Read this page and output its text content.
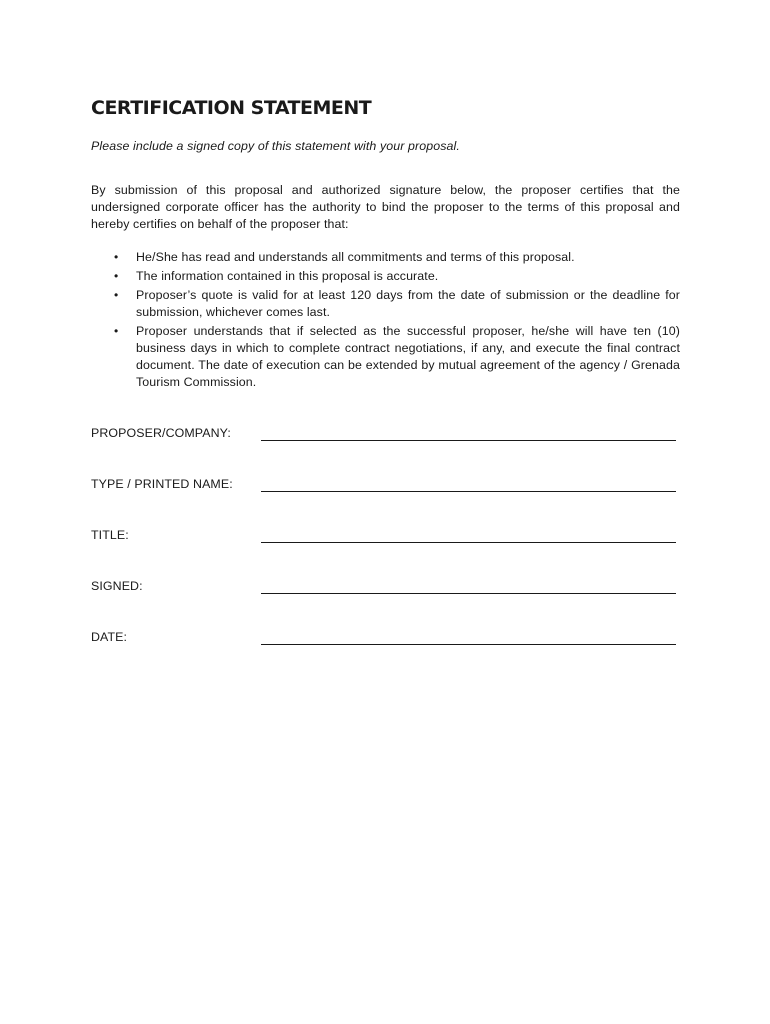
CERTIFICATION STATEMENT

Please include a signed copy of this statement with your proposal.

By submission of this proposal and authorized signature below, the proposer certifies that the undersigned corporate officer has the authority to bind the proposer to the terms of this proposal and hereby certifies on behalf of the proposer that:

• He/She has read and understands all commitments and terms of this proposal.
• The information contained in this proposal is accurate.
• Proposer’s quote is valid for at least 120 days from the date of submission or the deadline for submission, whichever comes last.
• Proposer understands that if selected as the successful proposer, he/she will have ten (10) business days in which to complete contract negotiations, if any, and execute the final contract document. The date of execution can be extended by mutual agreement of the agency / Grenada Tourism Commission.
PROPOSER/COMPANY:
TYPE / PRINTED NAME:
TITLE:
SIGNED:
DATE:
